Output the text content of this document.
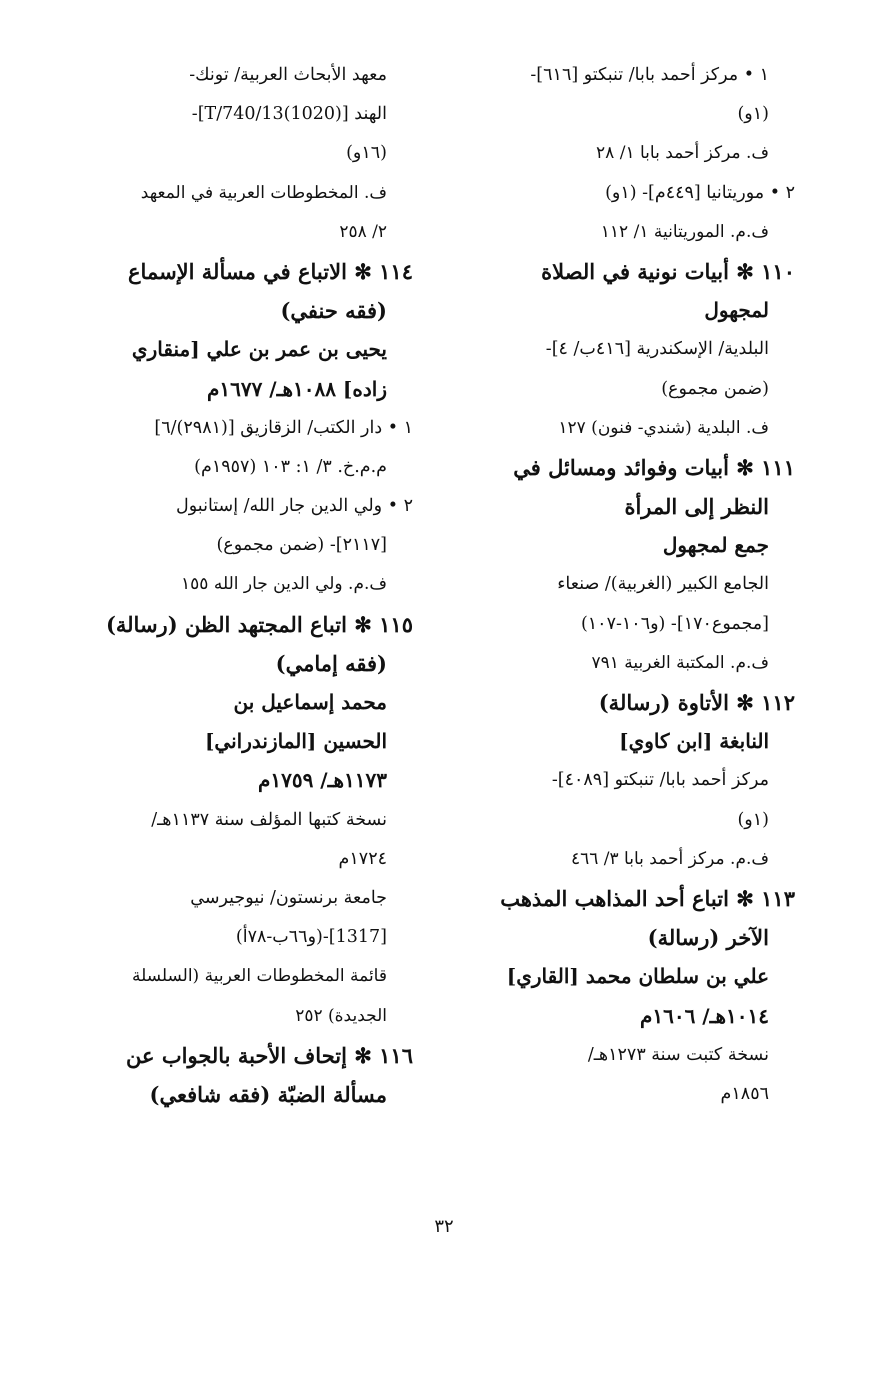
١ • مركز أحمد بابا/ تنبكتو [٦١٦]-
(١و)
ف. مركز أحمد بابا ١/ ٢٨
٢ • موريتانيا [٤٤٩م]- (١و)
ف.م. الموريتانية ١/ ١١٢
١١٠ ✻ أبيات نونية في الصلاة
لمجهول
البلدية/ الإسكندرية [٤١٦ب/ ٤]-
(ضمن مجموع)
ف. البلدية (شندي- فنون) ١٢٧
١١١ ✻ أبيات وفوائد ومسائل في
النظر إلى المرأة
جمع لمجهول
الجامع الكبير (الغربية)/ صنعاء
[مجموع١٧٠]- (و١٠٦-١٠٧)
ف.م. المكتبة الغربية ٧٩١
١١٢ ✻ الأتاوة (رسالة)
النابغة [ابن كاوي]
مركز أحمد بابا/ تنبكتو [٤٠٨٩]-
(١و)
ف.م. مركز أحمد بابا ٣/ ٤٦٦
١١٣ ✻ اتباع أحد المذاهب المذهب
الآخر (رسالة)
علي بن سلطان محمد [القاري]
١٠١٤هـ/ ١٦٠٦م
نسخة كتبت سنة ١٢٧٣هـ/
١٨٥٦م
معهد الأبحاث العربية/ تونك-
الهند [T/740/13(1020)]-
(١٦و)
ف. المخطوطات العربية في المعهد
٢/ ٢٥٨
١١٤ ✻ الاتباع في مسألة الإسماع
(فقه حنفي)
يحيى بن عمر بن علي [منقاري
زاده] ١٠٨٨هـ/ ١٦٧٧م
١ • دار الكتب/ الزقازيق [(٢٩٨١)/٦]
م.م.خ. ٣/ ١: ١٠٣ (١٩٥٧م)
٢ • ولي الدين جار الله/ إستانبول
[٢١١٧]- (ضمن مجموع)
ف.م. ولي الدين جار الله ١٥٥
١١٥ ✻ اتباع المجتهد الظن (رسالة)
(فقه إمامي)
محمد إسماعيل بن
الحسين [المازندراني]
١١٧٣هـ/ ١٧٥٩م
نسخة كتبها المؤلف سنة ١١٣٧هـ/
١٧٢٤م
جامعة برنستون/ نيوجيرسي
[1317]-(و٦٦ب-٧٨أ)
قائمة المخطوطات العربية (السلسلة
الجديدة) ٢٥٢
١١٦ ✻ إتحاف الأحبة بالجواب عن
مسألة الضبّة (فقه شافعي)
٣٢
